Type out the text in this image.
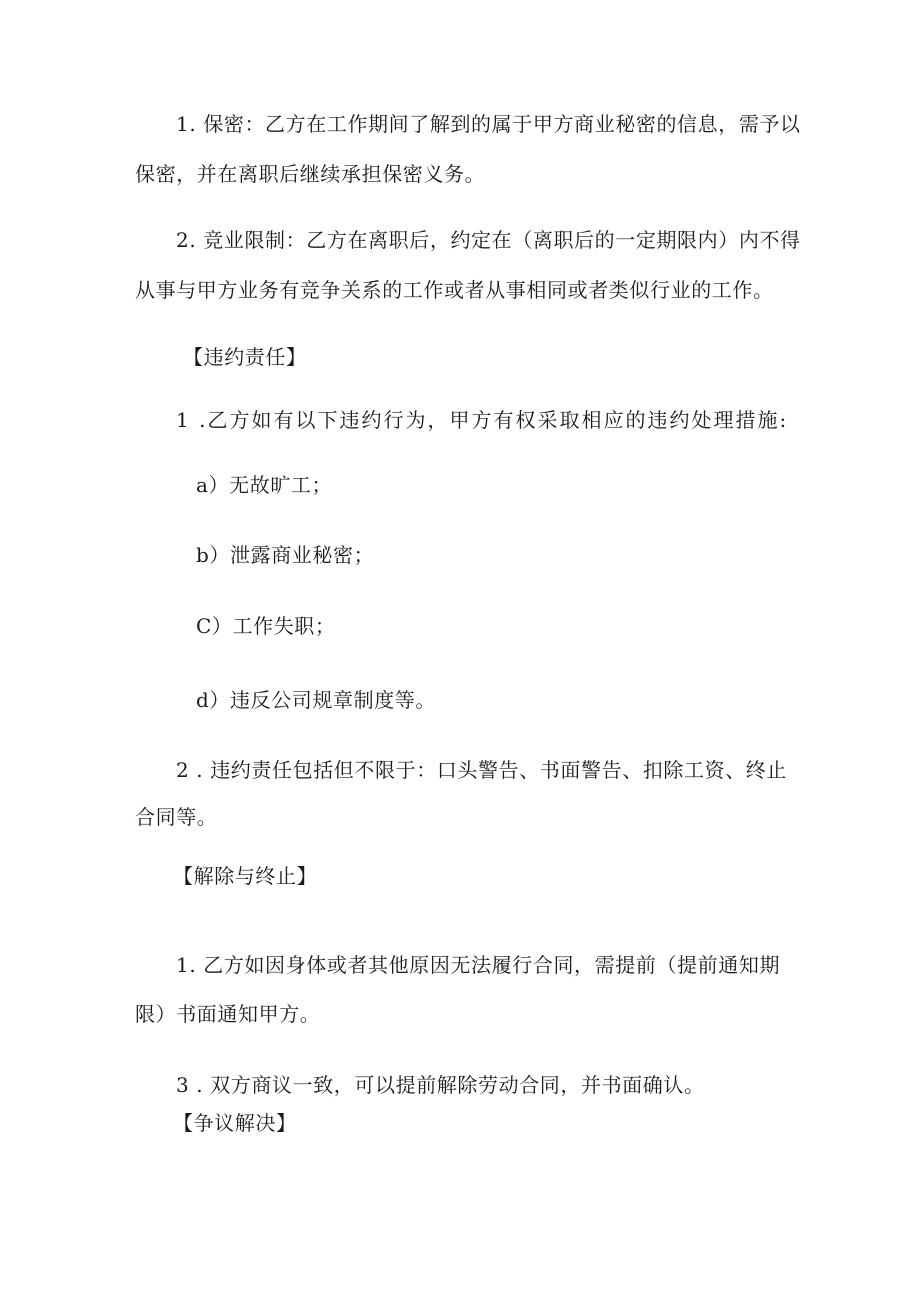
1. 保密：乙方在工作期间了解到的属于甲方商业秘密的信息，需予以
保密，并在离职后继续承担保密义务。
2. 竞业限制：乙方在离职后，约定在（离职后的一定期限内）内不得
从事与甲方业务有竞争关系的工作或者从事相同或者类似行业的工作。
【违约责任】
1 .乙方如有以下违约行为，甲方有权采取相应的违约处理措施:
a）无故旷工；
b）泄露商业秘密；
C）工作失职；
d）违反公司规章制度等。
2 . 违约责任包括但不限于：口头警告、书面警告、扣除工资、终止
合同等。
【解除与终止】
1. 乙方如因身体或者其他原因无法履行合同，需提前（提前通知期
限）书面通知甲方。
3 . 双方商议一致，可以提前解除劳动合同，并书面确认。
【争议解决】
